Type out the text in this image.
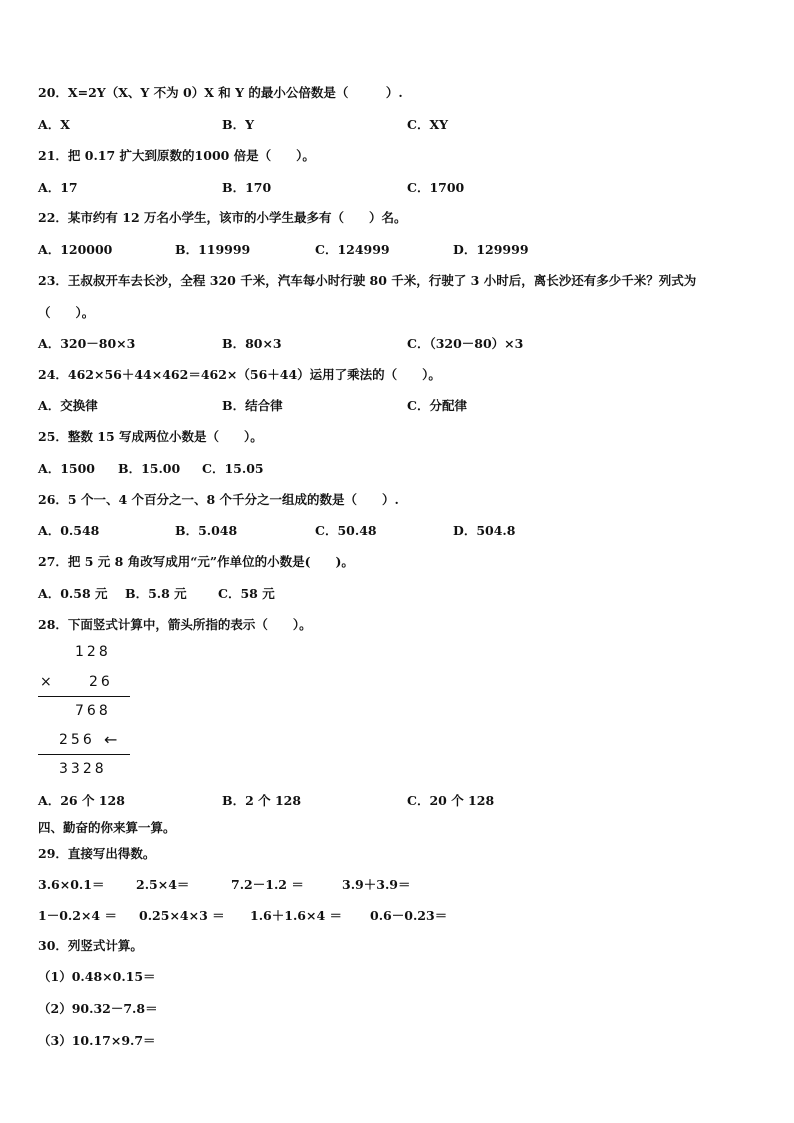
20．X=2Y（X、Y 不为 0）X 和 Y 的最小公倍数是（　　　）.
A．X	B．Y	C．XY
21．把 0.17 扩大到原数的1000 倍是（　　）。
A．17	B．170	C．1700
22．某市约有 12 万名小学生，该市的小学生最多有（　　）名。
A．120000	B．119999	C．124999	D．129999
23．王叔叔开车去长沙，全程 320 千米，汽车每小时行驶 80 千米，行驶了 3 小时后，离长沙还有多少千米？列式为
（　　）。
A．320－80×3	B．80×3	C．（320－80）×3
24．462×56＋44×462＝462×（56＋44）运用了乘法的（　　）。
A．交换律	B．结合律	C．分配律
25．整数 15 写成两位小数是（　　）。
A．1500 B．15.00 C．15.05
26．5 个一、4 个百分之一、8 个千分之一组成的数是（　　）.
A．0.548	B．5.048	C．50.48	D．504.8
27．把 5 元 8 角改写成用“元”作单位的小数是(　　)。
A．0.58 元 B．5.8 元	C．58 元
28．下面竖式计算中，箭头所指的表示（　　）。
128
× 26
768
256 ←
3328
A．26 个 128	B．2 个 128	C．20 个 128
四、勤奋的你来算一算。
29．直接写出得数。
3.6×0.1＝	2.5×4＝	7.2－1.2 ＝	3.9＋3.9＝
1－0.2×4 ＝ 0.25×4×3 ＝ 1.6＋1.6×4 ＝ 0.6－0.23＝
30．列竖式计算。
（1）0.48×0.15＝
（2）90.32－7.8＝
（3）10.17×9.7＝
